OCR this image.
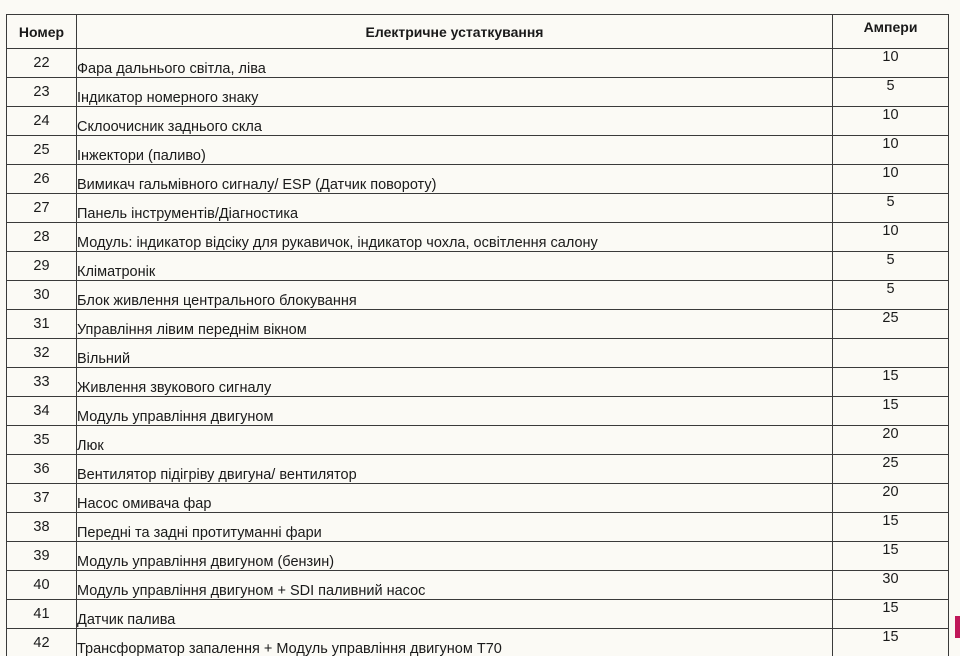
Номер	Електричне устаткування	Ампери
22	Фара дальнього світла, ліва	10
23	Індикатор номерного знаку	5
24	Склоочисник заднього скла	10
25	Інжектори (паливо)	10
26	Вимикач гальмівного сигналу/ ESP (Датчик повороту)	10
27	Панель інструментів/Діагностика	5
28	Модуль: індикатор відсіку для рукавичок, індикатор чохла, освітлення салону	10
29	Кліматронік	5
30	Блок живлення центрального блокування	5
31	Управління лівим переднім вікном	25
32	Вільний	
33	Живлення звукового сигналу	15
34	Модуль управління двигуном	15
35	Люк	20
36	Вентилятор підігріву двигуна/ вентилятор	25
37	Насос омивача фар	20
38	Передні та задні протитуманні фари	15
39	Модуль управління двигуном (бензин)	15
40	Модуль управління двигуном + SDI паливний насос	30
41	Датчик палива	15
42	Трансформатор запалення + Модуль управління двигуном T70	15
